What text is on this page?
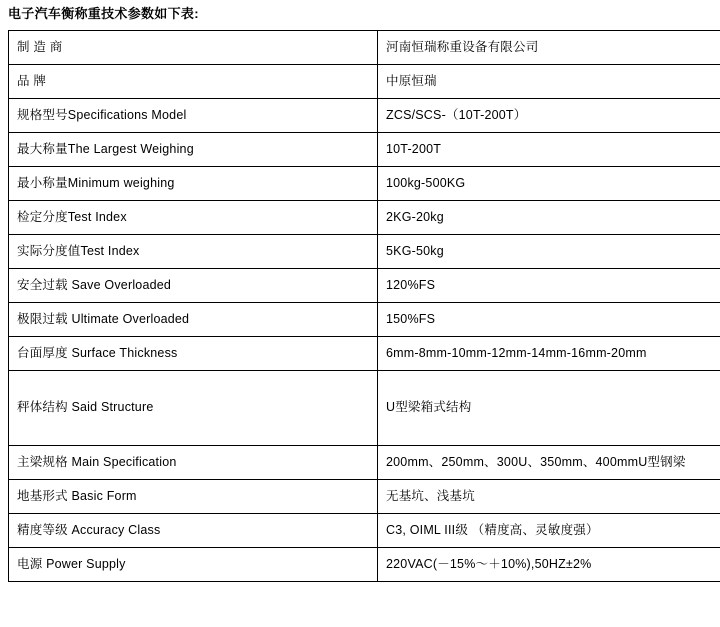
电子汽车衡称重技术参数如下表:
制 造 商	河南恒瑞称重设备有限公司
品 牌	中原恒瑞
规格型号Specifications Model	ZCS/SCS-（10T-200T）
最大称量The Largest Weighing	10T-200T
最小称量Minimum weighing	100kg-500KG
检定分度Test Index	2KG-20kg
实际分度值Test Index	5KG-50kg
安全过载 Save Overloaded	120%FS
极限过载 Ultimate Overloaded	150%FS
台面厚度 Surface Thickness	6mm-8mm-10mm-12mm-14mm-16mm-20mm
秤体结构 Said Structure	U型梁箱式结构
主梁规格 Main Specification	200mm、250mm、300U、350mm、400mmU型钢梁
地基形式 Basic Form	无基坑、浅基坑
精度等级 Accuracy Class	C3, OIML III级 （精度高、灵敏度强）
电源 Power Supply	220VAC(－15%～＋10%),50HZ±2%
